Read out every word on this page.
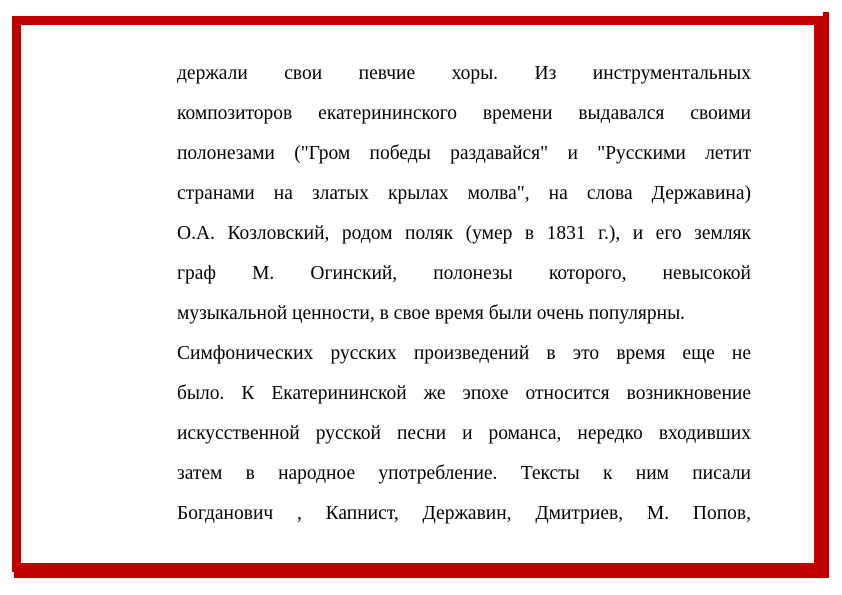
держали свои певчие хоры. Из инструментальных
композиторов екатерининского времени выдавался своими
полонезами ("Гром победы раздавайся" и "Русскими летит
странами на златых крылах молва", на слова Державина)
О.А. Козловский, родом поляк (умер в 1831 г.), и его земляк
граф М. Огинский, полонезы которого, невысокой
музыкальной ценности, в свое время были очень популярны.
Симфонических русских произведений в это время еще не
было. К Екатерининской же эпохе относится возникновение
искусственной русской песни и романса, нередко входивших
затем в народное употребление. Тексты к ним писали
Богданович , Капнист, Державин, Дмитриев, М. Попов,
